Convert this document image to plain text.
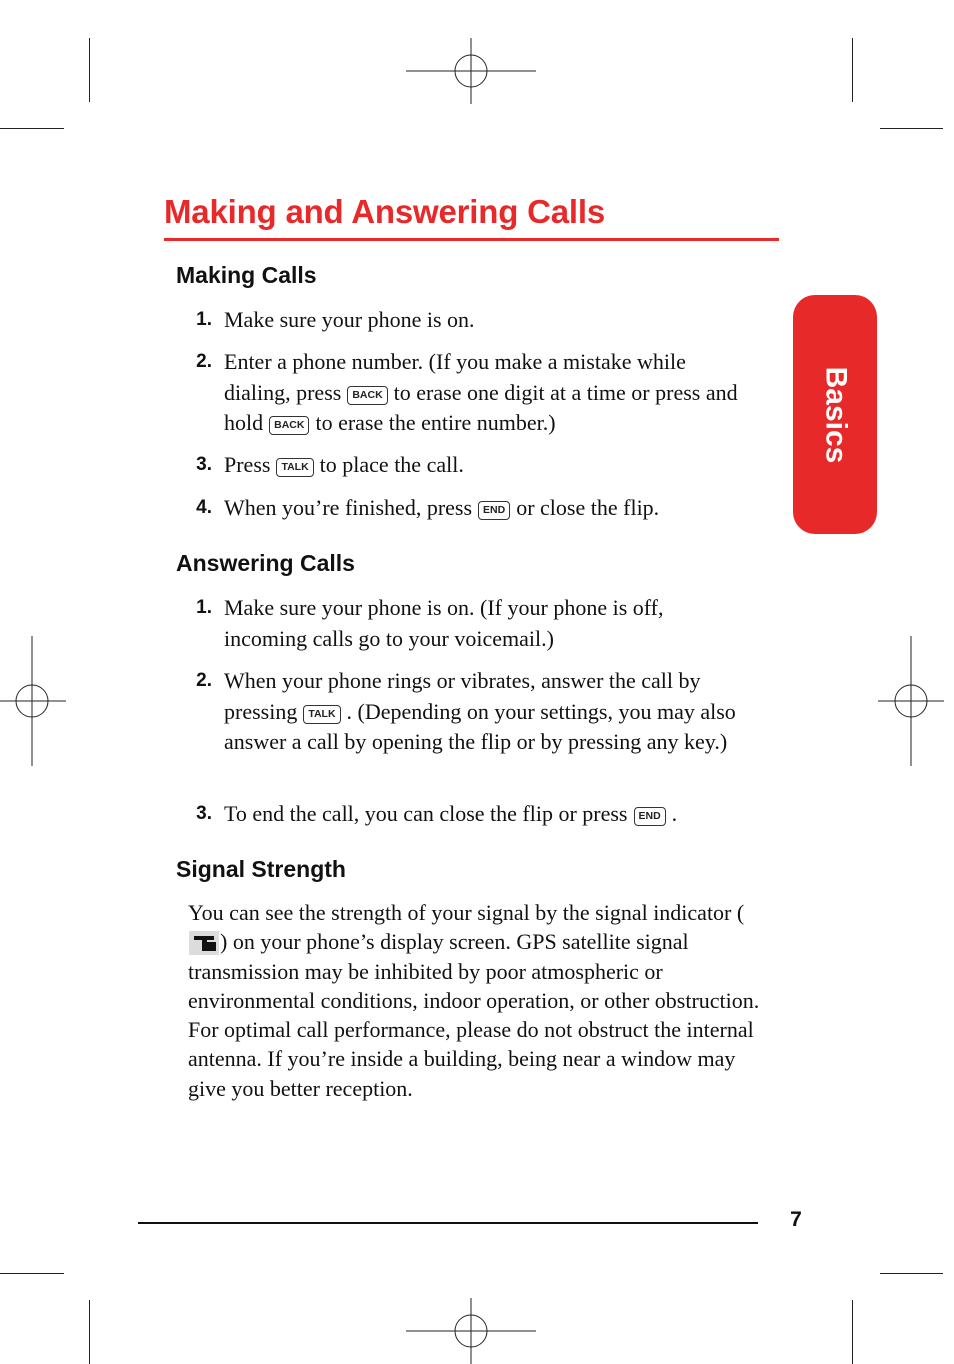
Making and Answering Calls
Basics
Making Calls
1. Make sure your phone is on.
2. Enter a phone number. (If you make a mistake while dialing, press BACK to erase one digit at a time or press and hold BACK to erase the entire number.)
3. Press TALK to place the call.
4. When you’re finished, press END or close the flip.
Answering Calls
1. Make sure your phone is on. (If your phone is off, incoming calls go to your voicemail.)
2. When your phone rings or vibrates, answer the call by pressing TALK . (Depending on your settings, you may also answer a call by opening the flip or by pressing any key.)
3. To end the call, you can close the flip or press END .
Signal Strength
You can see the strength of your signal by the signal indicator (
) on your phone’s display screen. GPS satellite signal transmission may be inhibited by poor atmospheric or environmental conditions, indoor operation, or other obstruction. For optimal call performance, please do not obstruct the internal antenna. If you’re inside a building, being near a window may give you better reception.
7
